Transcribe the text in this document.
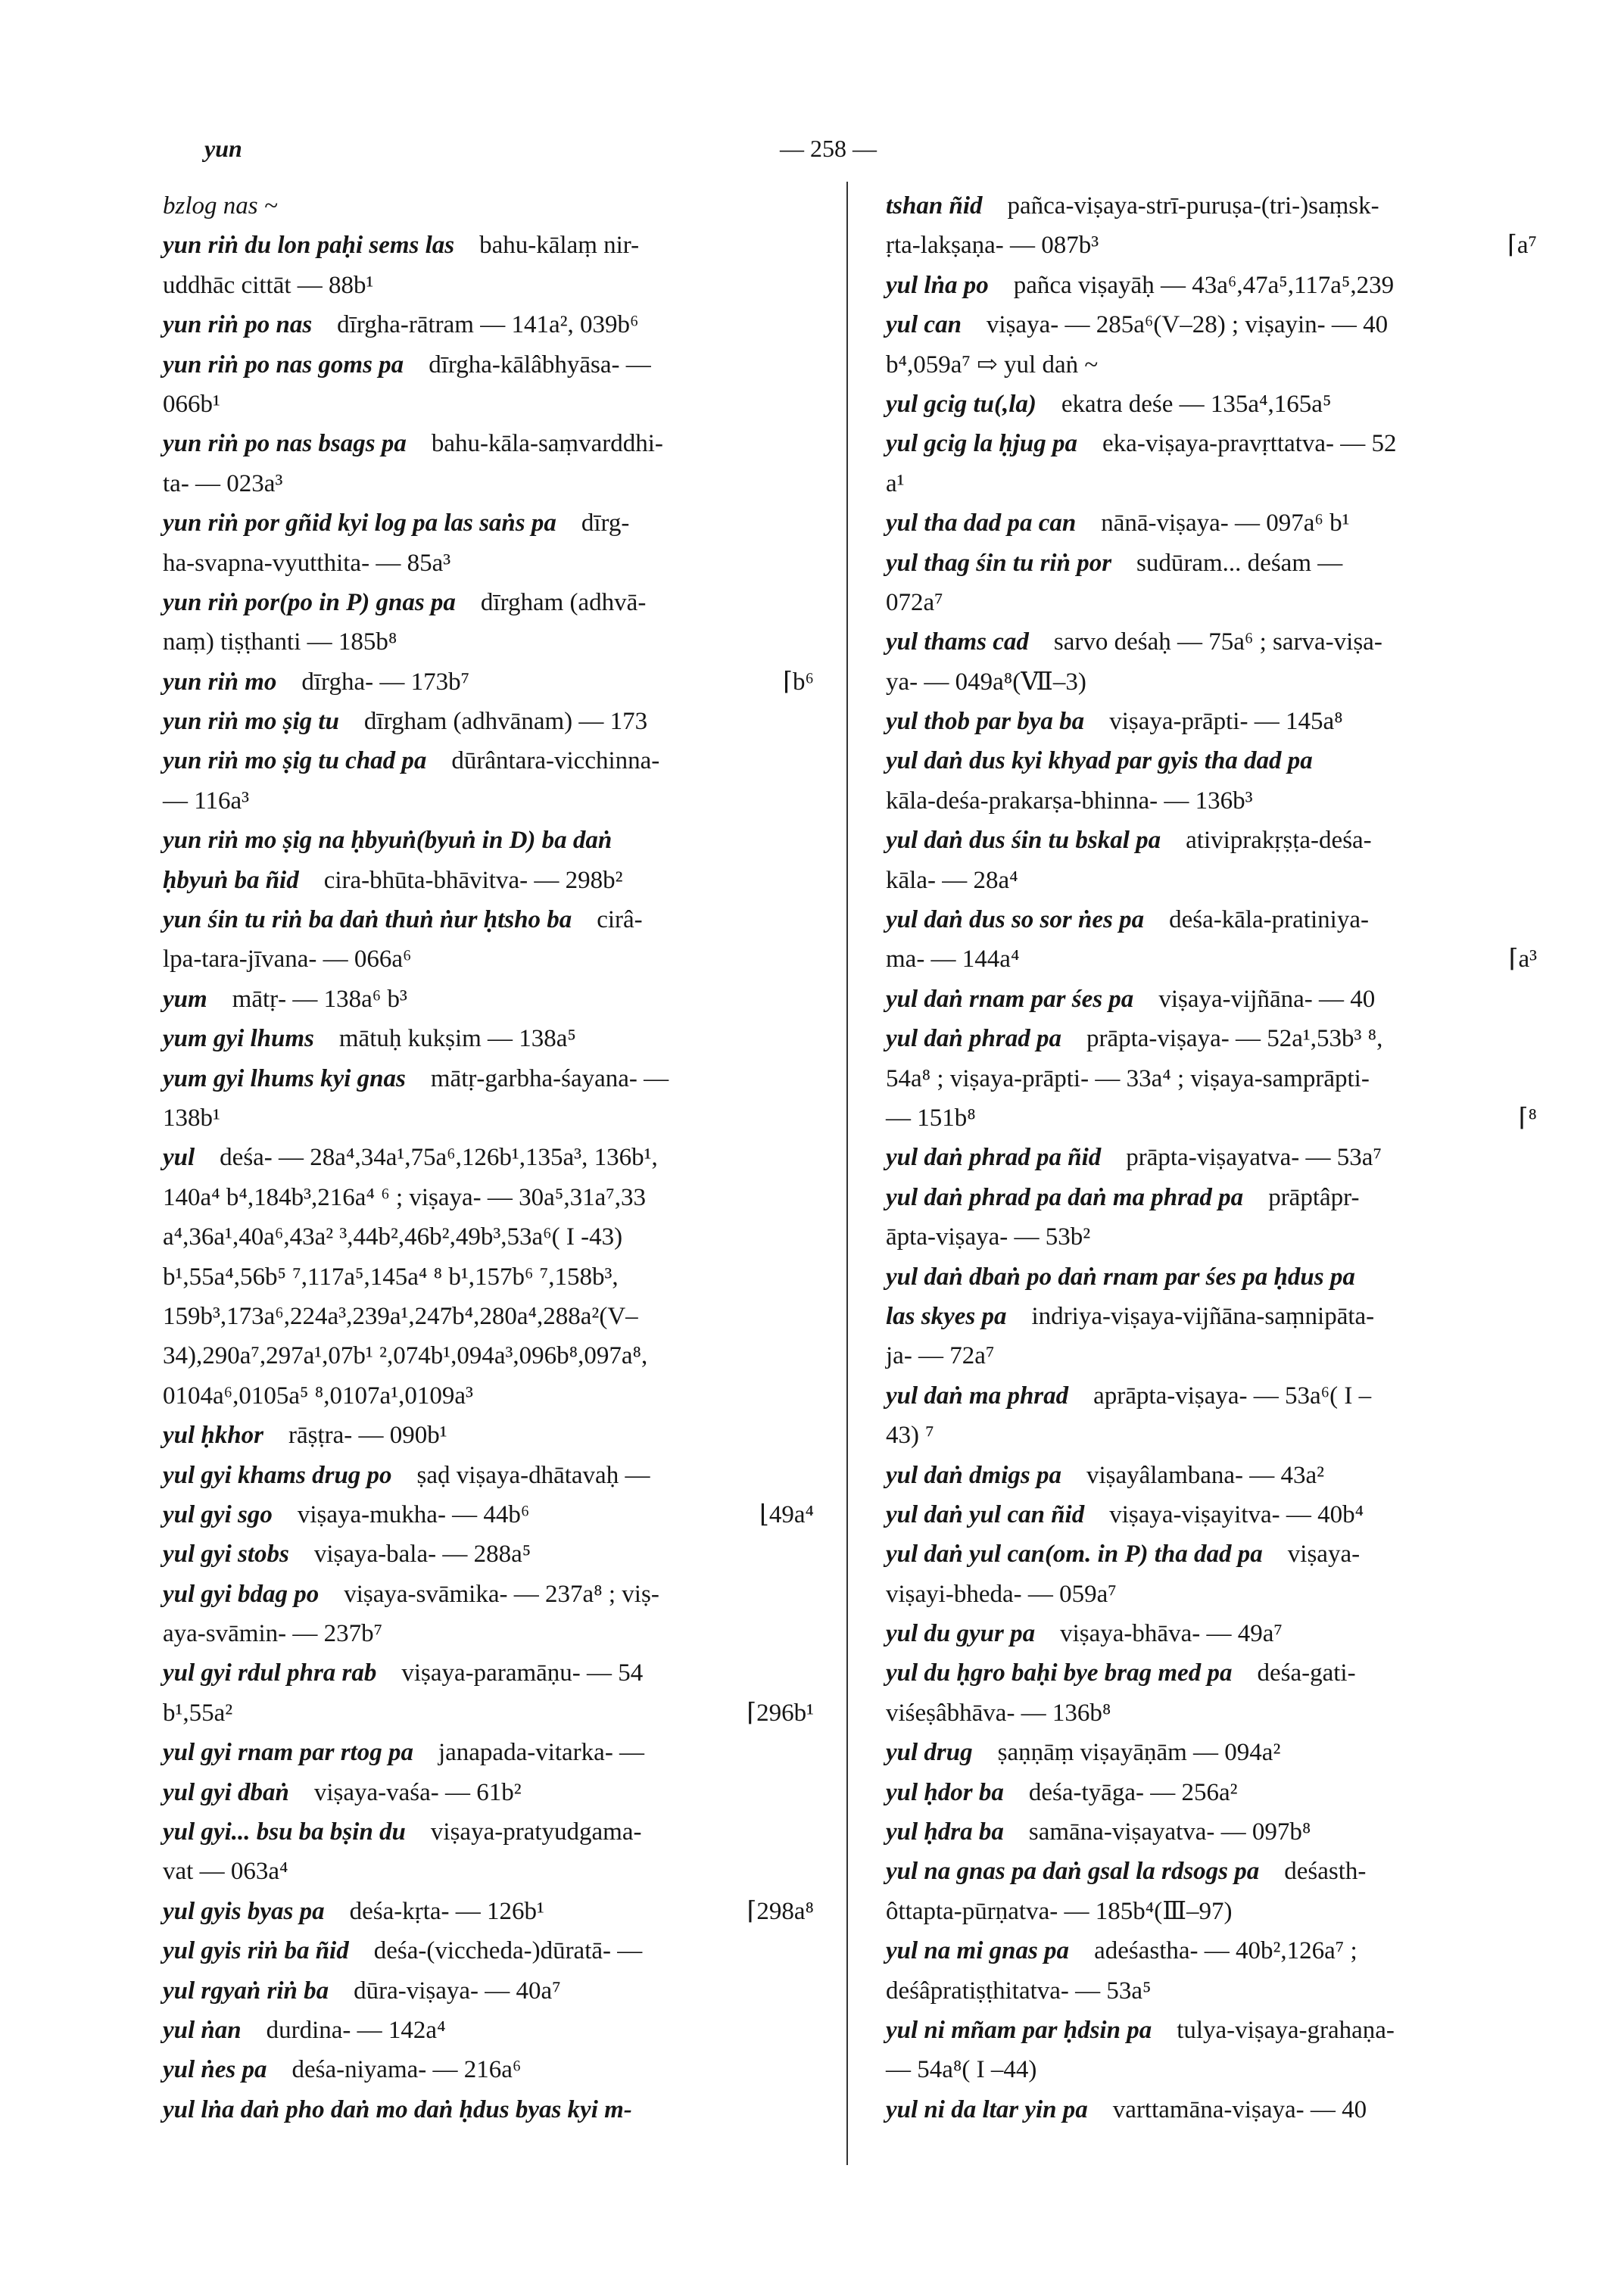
yun	— 258 —
bzlog nas ~
yun riṅ du lon paḥi sems las  bahu-kālaṃ nir-
uddhāc cittāt — 88b¹
yun riṅ po nas  dīrgha-rātram — 141a², 039b⁶
yun riṅ po nas goms pa  dīrgha-kālâbhyāsa- —
066b¹
yun riṅ po nas bsags pa  bahu-kāla-saṃvarddhi-
ta- — 023a³
yun riṅ por gñid kyi log pa las saṅs pa  dīrg-
ha-svapna-vyutthita- — 85a³
yun riṅ por(po in P) gnas pa  dīrgham (adhvā-
naṃ) tiṣṭhanti — 185b⁸
⌈b⁶
yun riṅ mo  dīrgha- — 173b⁷
yun riṅ mo ṣig tu  dīrgham (adhvānam) — 173
yun riṅ mo ṣig tu chad pa  dūrântara-vicchinna-
— 116a³
yun riṅ mo ṣig na ḥbyuṅ(byuṅ in D) ba daṅ
ḥbyuṅ ba ñid  cira-bhūta-bhāvitva- — 298b²
yun śin tu riṅ ba daṅ thuṅ ṅur ḥtsho ba  cirâ-
lpa-tara-jīvana- — 066a⁶
yum  mātṛ- — 138a⁶ b³
yum gyi lhums  mātuḥ kukṣim — 138a⁵
yum gyi lhums kyi gnas  mātṛ-garbha-śayana- —
138b¹
yul  deśa- — 28a⁴,34a¹,75a⁶,126b¹,135a³, 136b¹,
140a⁴ b⁴,184b³,216a⁴ ⁶ ; viṣaya- — 30a⁵,31a⁷,33
a⁴,36a¹,40a⁶,43a² ³,44b²,46b²,49b³,53a⁶( I -43)
b¹,55a⁴,56b⁵ ⁷,117a⁵,145a⁴ ⁸ b¹,157b⁶ ⁷,158b³,
159b³,173a⁶,224a³,239a¹,247b⁴,280a⁴,288a²(V–
34),290a⁷,297a¹,07b¹ ²,074b¹,094a³,096b⁸,097a⁸,
0104a⁶,0105a⁵ ⁸,0107a¹,0109a³
yul ḥkhor  rāṣṭra- — 090b¹
yul gyi khams drug po  ṣaḍ viṣaya-dhātavaḥ —
⌊49a⁴
yul gyi sgo  viṣaya-mukha- — 44b⁶
yul gyi stobs  viṣaya-bala- — 288a⁵
yul gyi bdag po  viṣaya-svāmika- — 237a⁸ ; viṣ-
aya-svāmin- — 237b⁷
yul gyi rdul phra rab  viṣaya-paramāṇu- — 54
⌈296b¹
b¹,55a²
yul gyi rnam par rtog pa  janapada-vitarka- —
yul gyi dbaṅ  viṣaya-vaśa- — 61b²
yul gyi... bsu ba bṣin du  viṣaya-pratyudgama-
vat — 063a⁴
⌈298a⁸
yul gyis byas pa  deśa-kṛta- — 126b¹
yul gyis riṅ ba ñid  deśa-(viccheda-)dūratā- —
yul rgyaṅ riṅ ba  dūra-viṣaya- — 40a⁷
yul ṅan  durdina- — 142a⁴
yul ṅes pa  deśa-niyama- — 216a⁶
yul lṅa daṅ pho daṅ mo daṅ ḥdus byas kyi m-
tshan ñid  pañca-viṣaya-strī-puruṣa-(tri-)saṃsk-
⌈a⁷
ṛta-lakṣaṇa- — 087b³
yul lṅa po  pañca viṣayāḥ — 43a⁶,47a⁵,117a⁵,239
yul can  viṣaya- — 285a⁶(V–28) ; viṣayin- — 40
b⁴,059a⁷ ⇨ yul daṅ ~
yul gcig tu(,la)  ekatra deśe — 135a⁴,165a⁵
yul gcig la ḥjug pa  eka-viṣaya-pravṛttatva- — 52
a¹
yul tha dad pa can  nānā-viṣaya- — 097a⁶ b¹
yul thag śin tu riṅ por  sudūram... deśam —
072a⁷
yul thams cad  sarvo deśaḥ — 75a⁶ ; sarva-viṣa-
ya- — 049a⁸(Ⅶ–3)
yul thob par bya ba  viṣaya-prāpti- — 145a⁸
yul daṅ dus kyi khyad par gyis tha dad pa
kāla-deśa-prakarṣa-bhinna- — 136b³
yul daṅ dus śin tu bskal pa  ativiprakṛṣṭa-deśa-
kāla- — 28a⁴
yul daṅ dus so sor ṅes pa  deśa-kāla-pratiniya-
⌈a³
ma- — 144a⁴
yul daṅ rnam par śes pa  viṣaya-vijñāna- — 40
yul daṅ phrad pa  prāpta-viṣaya- — 52a¹,53b³ ⁸,
54a⁸ ; viṣaya-prāpti- — 33a⁴ ; viṣaya-samprāpti-
⌈⁸
— 151b⁸
yul daṅ phrad pa ñid  prāpta-viṣayatva- — 53a⁷
yul daṅ phrad pa daṅ ma phrad pa  prāptâpr-
āpta-viṣaya- — 53b²
yul daṅ dbaṅ po daṅ rnam par śes pa ḥdus pa
las skyes pa  indriya-viṣaya-vijñāna-saṃnipāta-
ja- — 72a⁷
yul daṅ ma phrad  aprāpta-viṣaya- — 53a⁶( I –
43) ⁷
yul daṅ dmigs pa  viṣayâlambana- — 43a²
yul daṅ yul can ñid  viṣaya-viṣayitva- — 40b⁴
yul daṅ yul can(om. in P) tha dad pa  viṣaya-
viṣayi-bheda- — 059a⁷
yul du gyur pa  viṣaya-bhāva- — 49a⁷
yul du ḥgro baḥi bye brag med pa  deśa-gati-
viśeṣâbhāva- — 136b⁸
yul drug  ṣaṇṇāṃ viṣayāṇām — 094a²
yul ḥdor ba  deśa-tyāga- — 256a²
yul ḥdra ba  samāna-viṣayatva- — 097b⁸
yul na gnas pa daṅ gsal la rdsogs pa  deśasth-
ôttapta-pūrṇatva- — 185b⁴(Ⅲ–97)
yul na mi gnas pa  adeśastha- — 40b²,126a⁷ ;
deśâpratiṣṭhitatva- — 53a⁵
yul ni mñam par ḥdsin pa  tulya-viṣaya-grahaṇa-
— 54a⁸( I –44)
yul ni da ltar yin pa  varttamāna-viṣaya- — 40
